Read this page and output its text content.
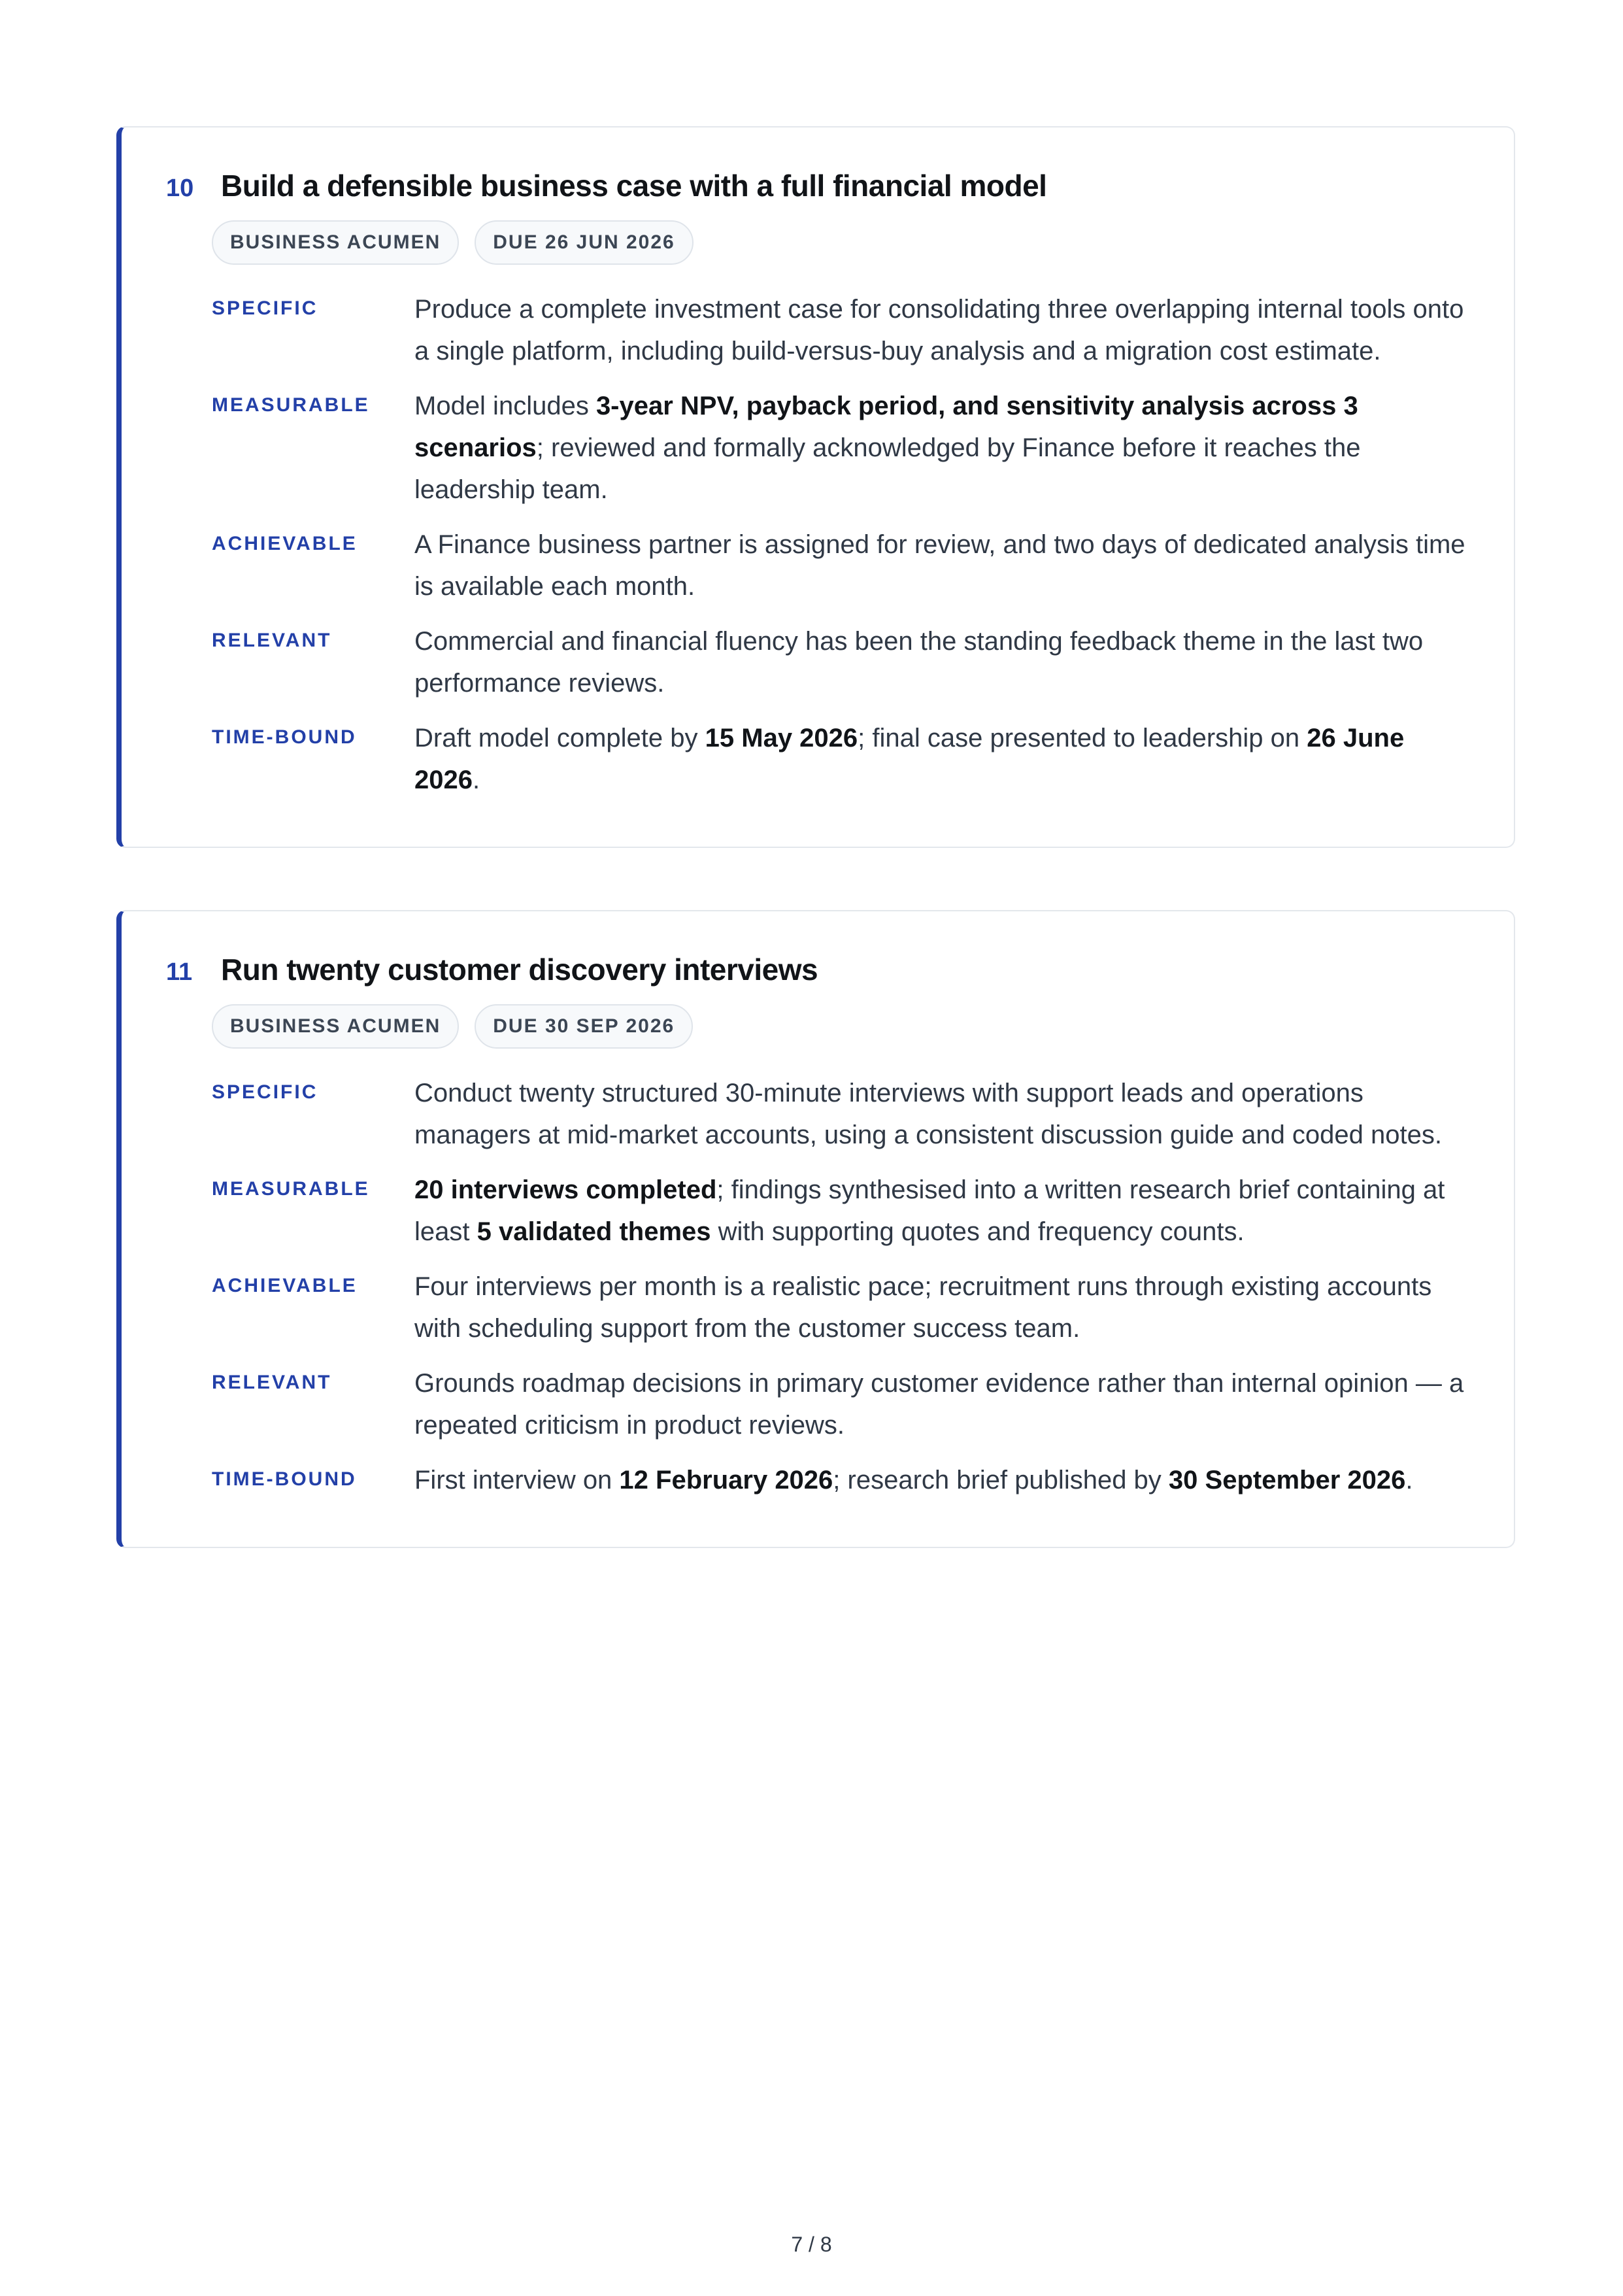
10 Build a defensible business case with a full financial model
BUSINESS ACUMEN	DUE 26 JUN 2026
SPECIFIC	Produce a complete investment case for consolidating three overlapping internal tools onto a single platform, including build-versus-buy analysis and a migration cost estimate.
MEASURABLE	Model includes 3-year NPV, payback period, and sensitivity analysis across 3 scenarios; reviewed and formally acknowledged by Finance before it reaches the leadership team.
ACHIEVABLE	A Finance business partner is assigned for review, and two days of dedicated analysis time is available each month.
RELEVANT	Commercial and financial fluency has been the standing feedback theme in the last two performance reviews.
TIME-BOUND	Draft model complete by 15 May 2026; final case presented to leadership on 26 June 2026.
11 Run twenty customer discovery interviews
BUSINESS ACUMEN	DUE 30 SEP 2026
SPECIFIC	Conduct twenty structured 30-minute interviews with support leads and operations managers at mid-market accounts, using a consistent discussion guide and coded notes.
MEASURABLE	20 interviews completed; findings synthesised into a written research brief containing at least 5 validated themes with supporting quotes and frequency counts.
ACHIEVABLE	Four interviews per month is a realistic pace; recruitment runs through existing accounts with scheduling support from the customer success team.
RELEVANT	Grounds roadmap decisions in primary customer evidence rather than internal opinion — a repeated criticism in product reviews.
TIME-BOUND	First interview on 12 February 2026; research brief published by 30 September 2026.
7 / 8
